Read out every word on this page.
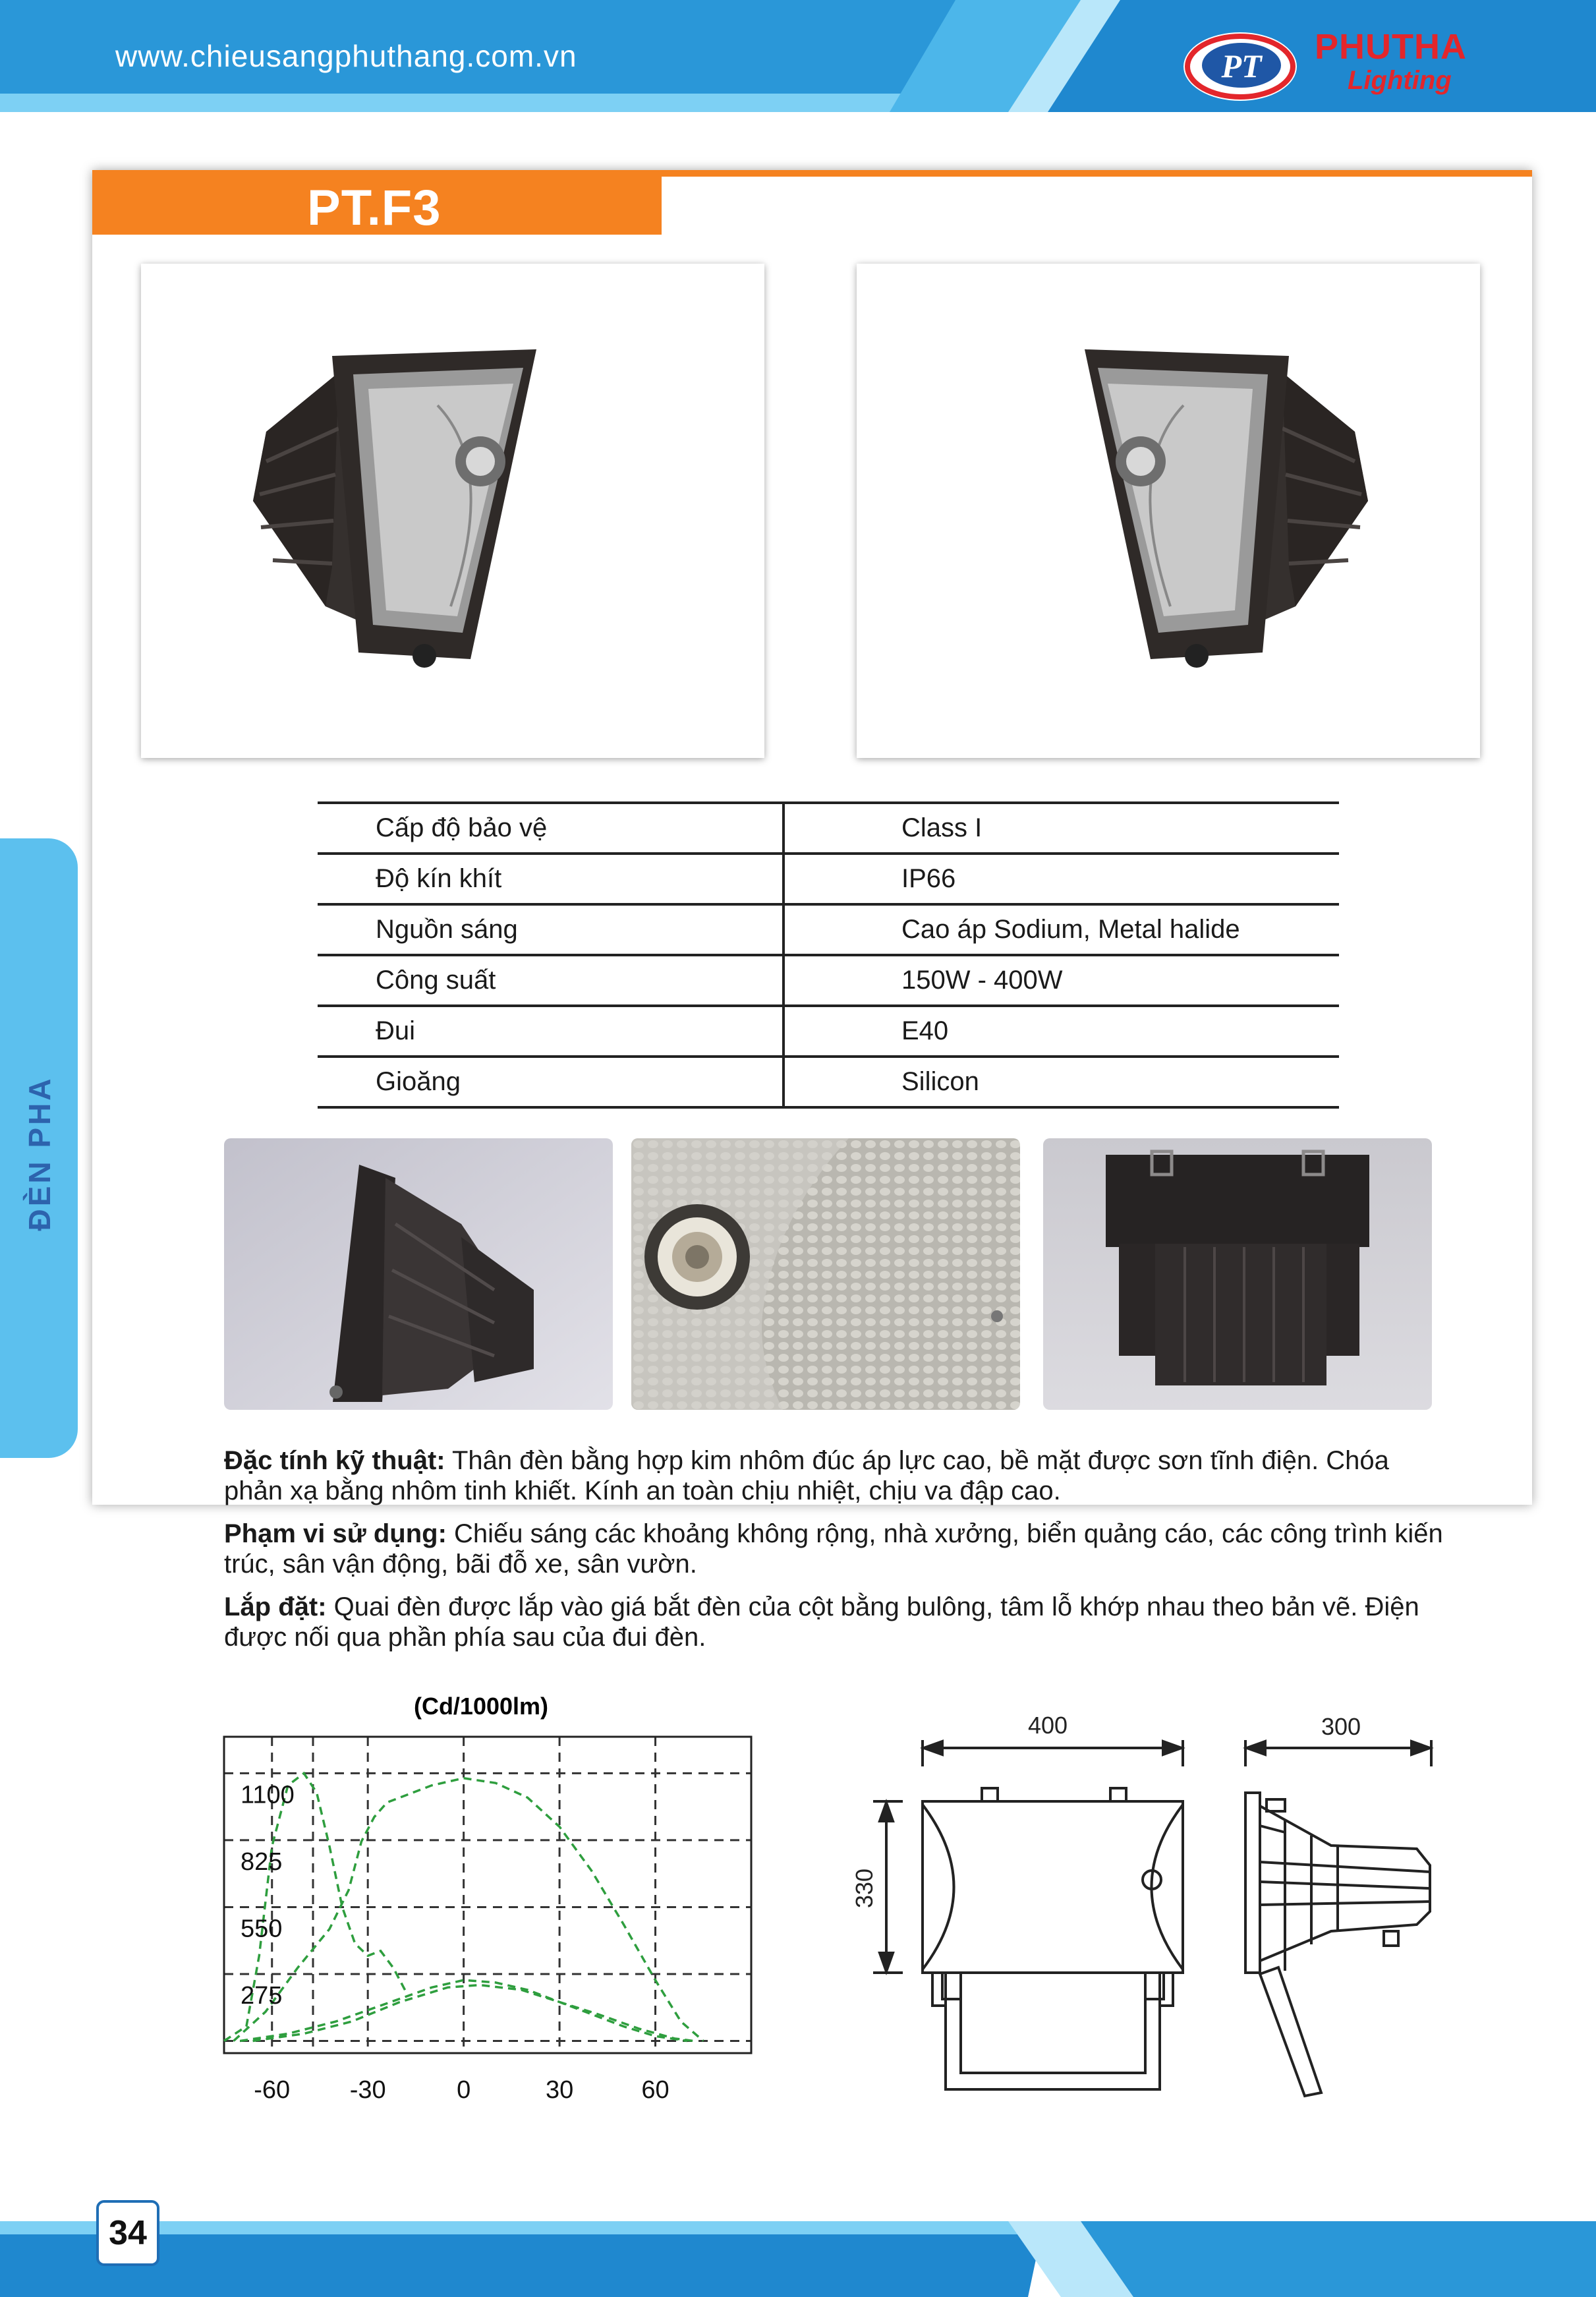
www.chieusangphuthang.com.vn	PT PHUTHA
Lighting
ĐÈN PHA
PT.F3
Cấp độ bảo vệ	Class I
Độ kín khít	IP66
Nguồn sáng	Cao áp Sodium, Metal halide
Công suất	150W - 400W
Đui	E40
Gioăng	Silicon
Đặc tính kỹ thuật: Thân đèn bằng hợp kim nhôm đúc áp lực cao, bề mặt được sơn tĩnh điện. Chóa phản xạ bằng nhôm tinh khiết. Kính an toàn chịu nhiệt, chịu va đập cao.
Phạm vi sử dụng: Chiếu sáng các khoảng không rộng, nhà xưởng, biển quảng cáo, các công trình kiến trúc, sân vận động, bãi đỗ xe, sân vườn.
Lắp đặt: Quai đèn được lắp vào giá bắt đèn của cột bằng bulông, tâm lỗ khớp nhau theo bản vẽ. Điện được nối qua phần phía sau của đui đèn.
(Cd/1000lm)
275
550
825
1100
-60 -30	0	30	60
400
330
300
34
